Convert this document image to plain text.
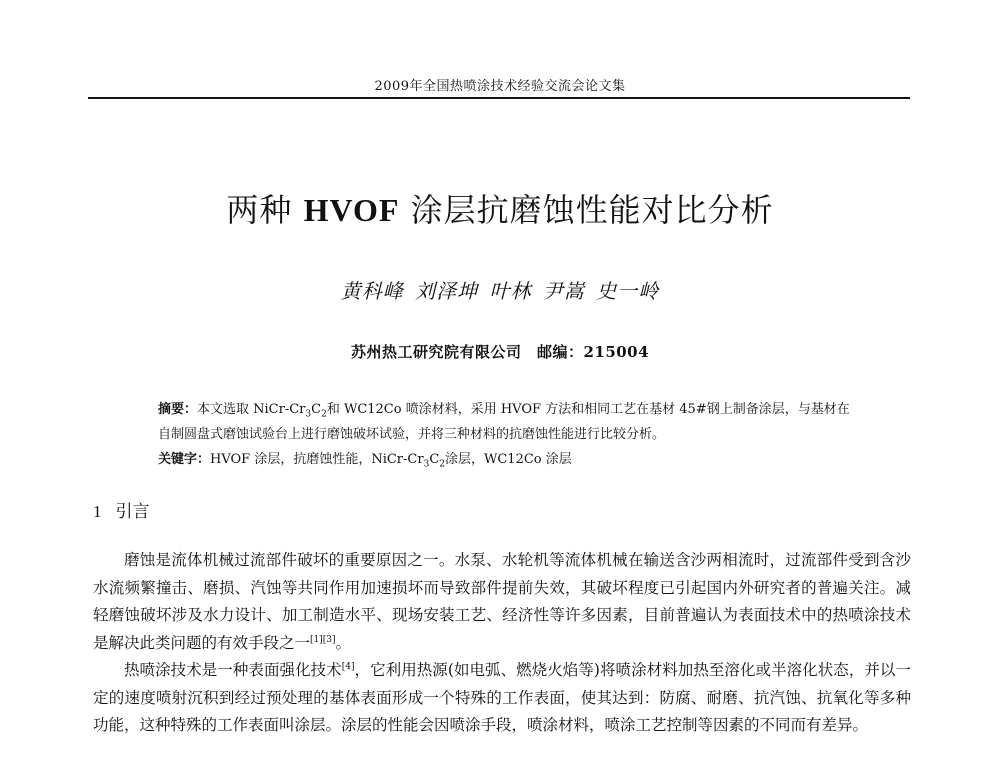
2009年全国热喷涂技术经验交流会论文集
两种 HVOF 涂层抗磨蚀性能对比分析
黄科峰 刘泽坤 叶林 尹嵩 史一岭
苏州热工研究院有限公司　邮编：215004

摘要：本文选取 NiCr-$Cr_3C_2$和 WC12Co 喷涂材料，采用 HVOF 方法和相同工艺在基材 45#钢上制备涂层，与基材在自制圆盘式磨蚀试验台上进行磨蚀破坏试验，并将三种材料的抗磨蚀性能进行比较分析。

关键字：HVOF 涂层，抗磨蚀性能，NiCr-$Cr_3C_2$涂层，WC12Co 涂层

1 引言

磨蚀是流体机械过流部件破坏的重要原因之一。水泵、水轮机等流体机械在输送含沙两相流时，过流部件受到含沙水流频繁撞击、磨损、汽蚀等共同作用加速损坏而导致部件提前失效，其破坏程度已引起国内外研究者的普遍关注。减轻磨蚀破坏涉及水力设计、加工制造水平、现场安装工艺、经济性等许多因素，目前普遍认为表面技术中的热喷涂技术是解决此类问题的有效手段之一[1][3]。

热喷涂技术是一种表面强化技术[4]，它利用热源(如电弧、燃烧火焰等)将喷涂材料加热至溶化或半溶化状态，并以一定的速度喷射沉积到经过预处理的基体表面形成一个特殊的工作表面，使其达到：防腐、耐磨、抗汽蚀、抗氧化等多种功能，这种特殊的工作表面叫涂层。涂层的性能会因喷涂手段，喷涂材料，喷涂工艺控制等因素的不同而有差异。
